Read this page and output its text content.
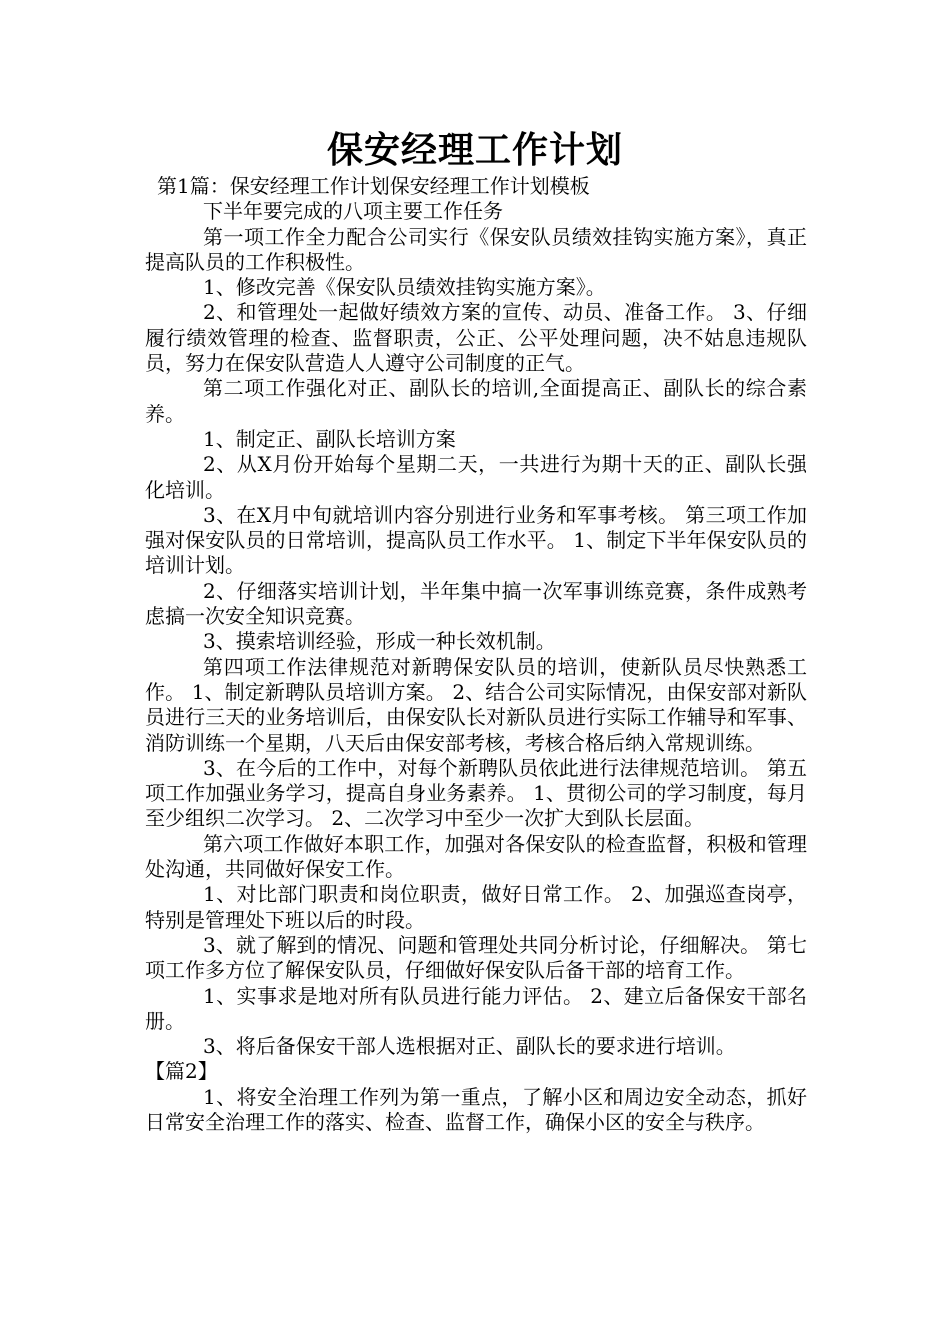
保安经理工作计划

第1篇：保安经理工作计划保安经理工作计划模板

下半年要完成的八项主要工作任务

第一项工作全力配合公司实行《保安队员绩效挂钩实施方案》，真正提高队员的工作积极性。

1、修改完善《保安队员绩效挂钩实施方案》。

2、和管理处一起做好绩效方案的宣传、动员、准备工作。 3、仔细履行绩效管理的检查、监督职责，公正、公平处理问题，决不姑息违规队员，努力在保安队营造人人遵守公司制度的正气。

第二项工作强化对正、副队长的培训,全面提高正、副队长的综合素养。

1、制定正、副队长培训方案

2、从X月份开始每个星期二天，一共进行为期十天的正、副队长强化培训。

3、在X月中旬就培训内容分别进行业务和军事考核。 第三项工作加强对保安队员的日常培训，提高队员工作水平。 1、制定下半年保安队员的培训计划。

2、仔细落实培训计划，半年集中搞一次军事训练竞赛，条件成熟考虑搞一次安全知识竞赛。

3、摸索培训经验，形成一种长效机制。

第四项工作法律规范对新聘保安队员的培训，使新队员尽快熟悉工作。 1、制定新聘队员培训方案。 2、结合公司实际情况，由保安部对新队员进行三天的业务培训后，由保安队长对新队员进行实际工作辅导和军事、消防训练一个星期，八天后由保安部考核，考核合格后纳入常规训练。

3、在今后的工作中，对每个新聘队员依此进行法律规范培训。 第五项工作加强业务学习，提高自身业务素养。 1、贯彻公司的学习制度，每月至少组织二次学习。 2、二次学习中至少一次扩大到队长层面。

第六项工作做好本职工作，加强对各保安队的检查监督，积极和管理处沟通，共同做好保安工作。

1、对比部门职责和岗位职责，做好日常工作。 2、加强巡查岗亭，特别是管理处下班以后的时段。

3、就了解到的情况、问题和管理处共同分析讨论，仔细解决。 第七项工作多方位了解保安队员，仔细做好保安队后备干部的培育工作。

1、实事求是地对所有队员进行能力评估。 2、建立后备保安干部名册。

3、将后备保安干部人选根据对正、副队长的要求进行培训。

【篇2】

1、将安全治理工作列为第一重点，了解小区和周边安全动态，抓好日常安全治理工作的落实、检查、监督工作，确保小区的安全与秩序。
